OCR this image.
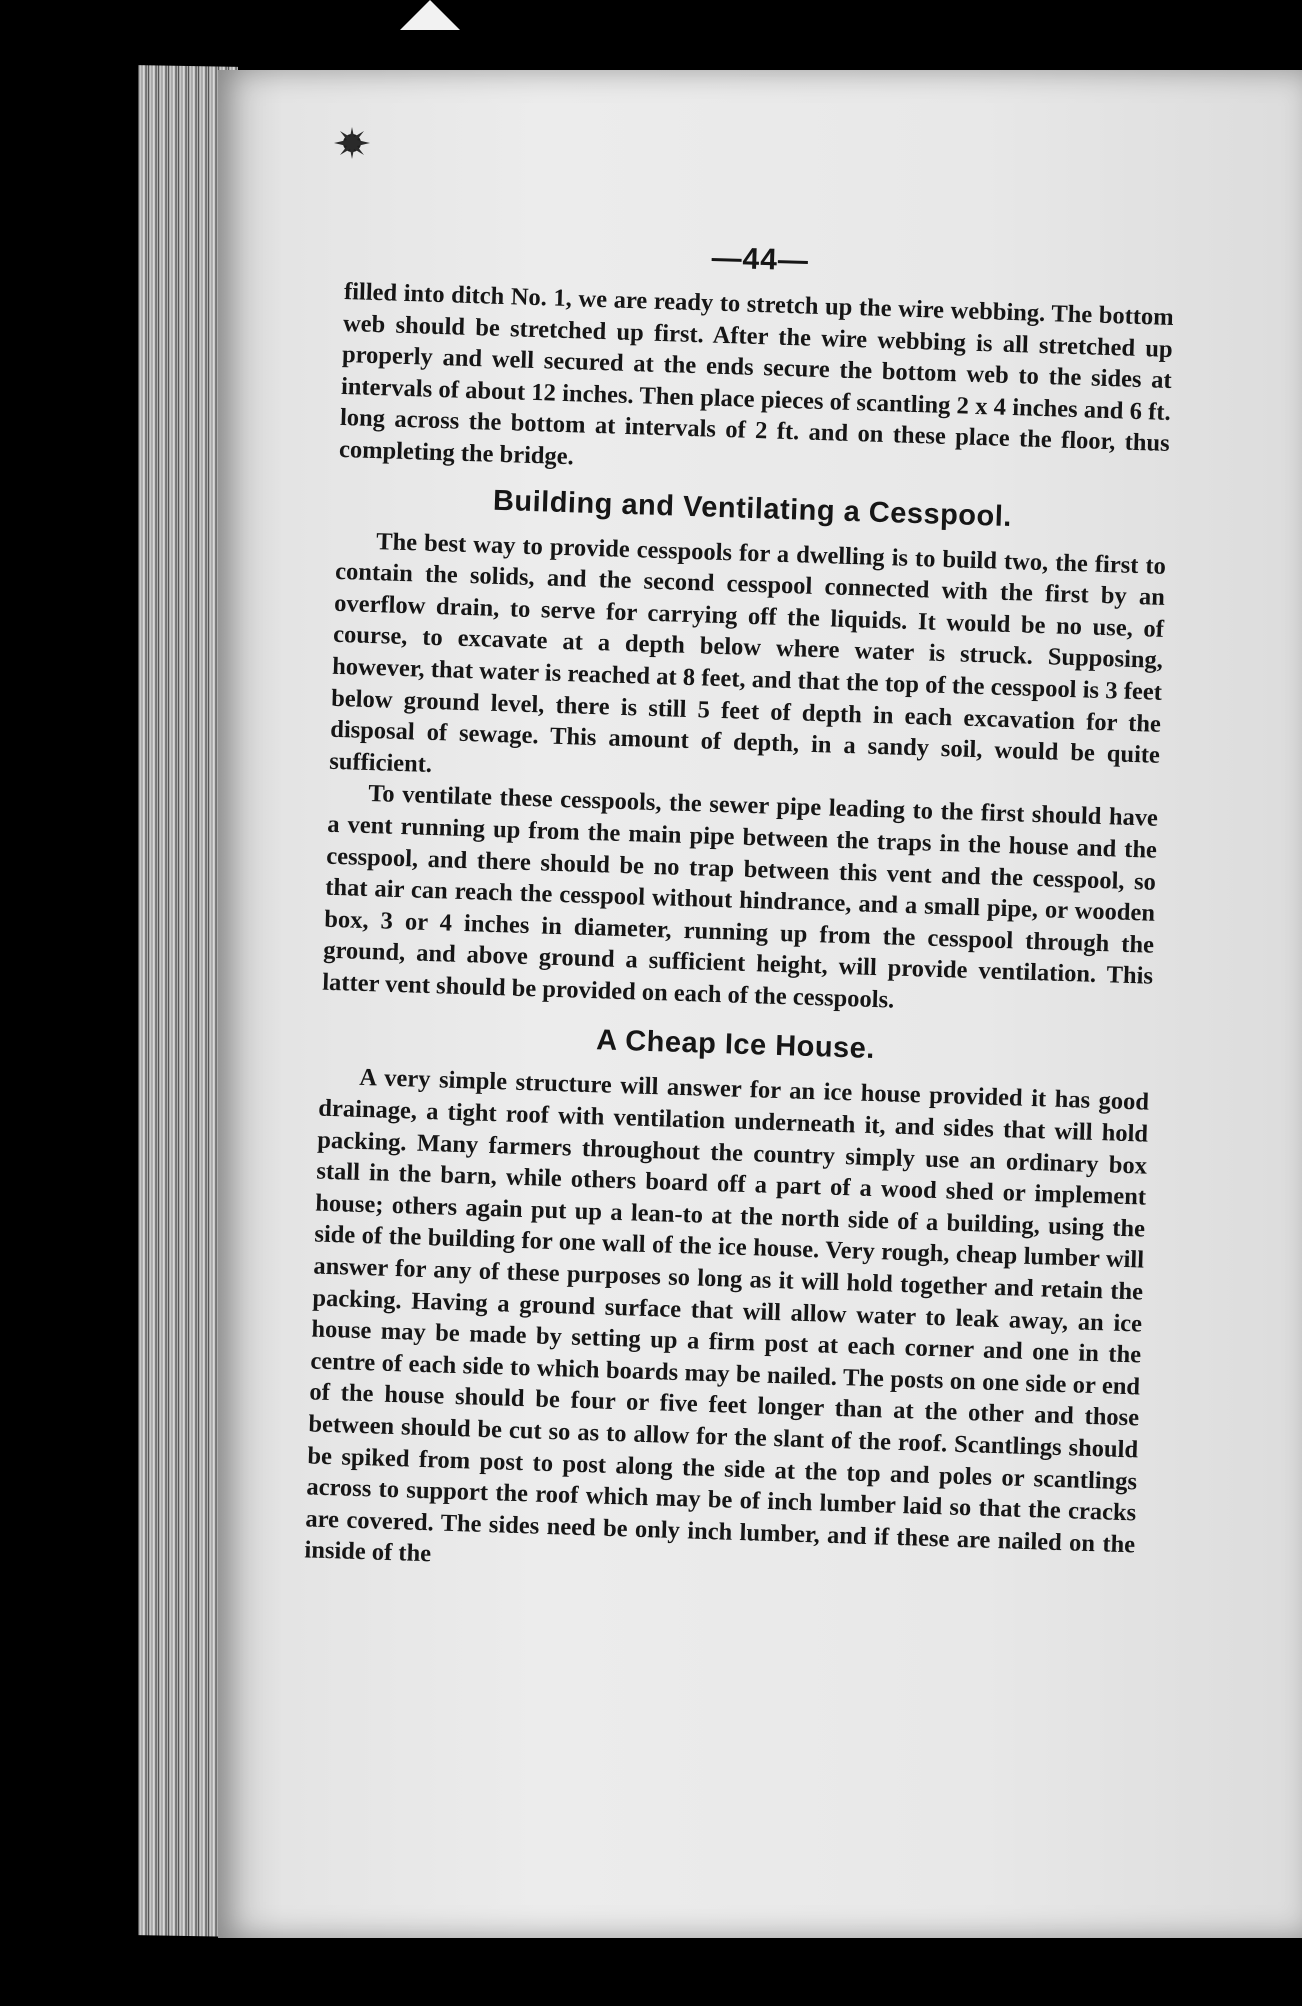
—44—

filled into ditch No. 1, we are ready to stretch up the wire webbing. The bottom web should be stretched up first. After the wire webbing is all stretched up properly and well secured at the ends secure the bottom web to the sides at intervals of about 12 inches. Then place pieces of scantling 2 x 4 inches and 6 ft. long across the bottom at intervals of 2 ft. and on these place the floor, thus completing the bridge.

Building and Ventilating a Cesspool.

The best way to provide cesspools for a dwelling is to build two, the first to contain the solids, and the second cesspool connected with the first by an overflow drain, to serve for carrying off the liquids. It would be no use, of course, to excavate at a depth below where water is struck. Supposing, however, that water is reached at 8 feet, and that the top of the cesspool is 3 feet below ground level, there is still 5 feet of depth in each excavation for the disposal of sewage. This amount of depth, in a sandy soil, would be quite sufficient.

To ventilate these cesspools, the sewer pipe leading to the first should have a vent running up from the main pipe between the traps in the house and the cesspool, and there should be no trap between this vent and the cesspool, so that air can reach the cesspool without hindrance, and a small pipe, or wooden box, 3 or 4 inches in diameter, running up from the cesspool through the ground, and above ground a sufficient height, will provide ventilation. This latter vent should be provided on each of the cesspools.

A Cheap Ice House.

A very simple structure will answer for an ice house provided it has good drainage, a tight roof with ventilation underneath it, and sides that will hold packing. Many farmers throughout the country simply use an ordinary box stall in the barn, while others board off a part of a wood shed or implement house; others again put up a lean-to at the north side of a building, using the side of the building for one wall of the ice house. Very rough, cheap lumber will answer for any of these purposes so long as it will hold together and retain the packing. Having a ground surface that will allow water to leak away, an ice house may be made by setting up a firm post at each corner and one in the centre of each side to which boards may be nailed. The posts on one side or end of the house should be four or five feet longer than at the other and those between should be cut so as to allow for the slant of the roof. Scantlings should be spiked from post to post along the side at the top and poles or scantlings across to support the roof which may be of inch lumber laid so that the cracks are covered. The sides need be only inch lumber, and if these are nailed on the inside of the
